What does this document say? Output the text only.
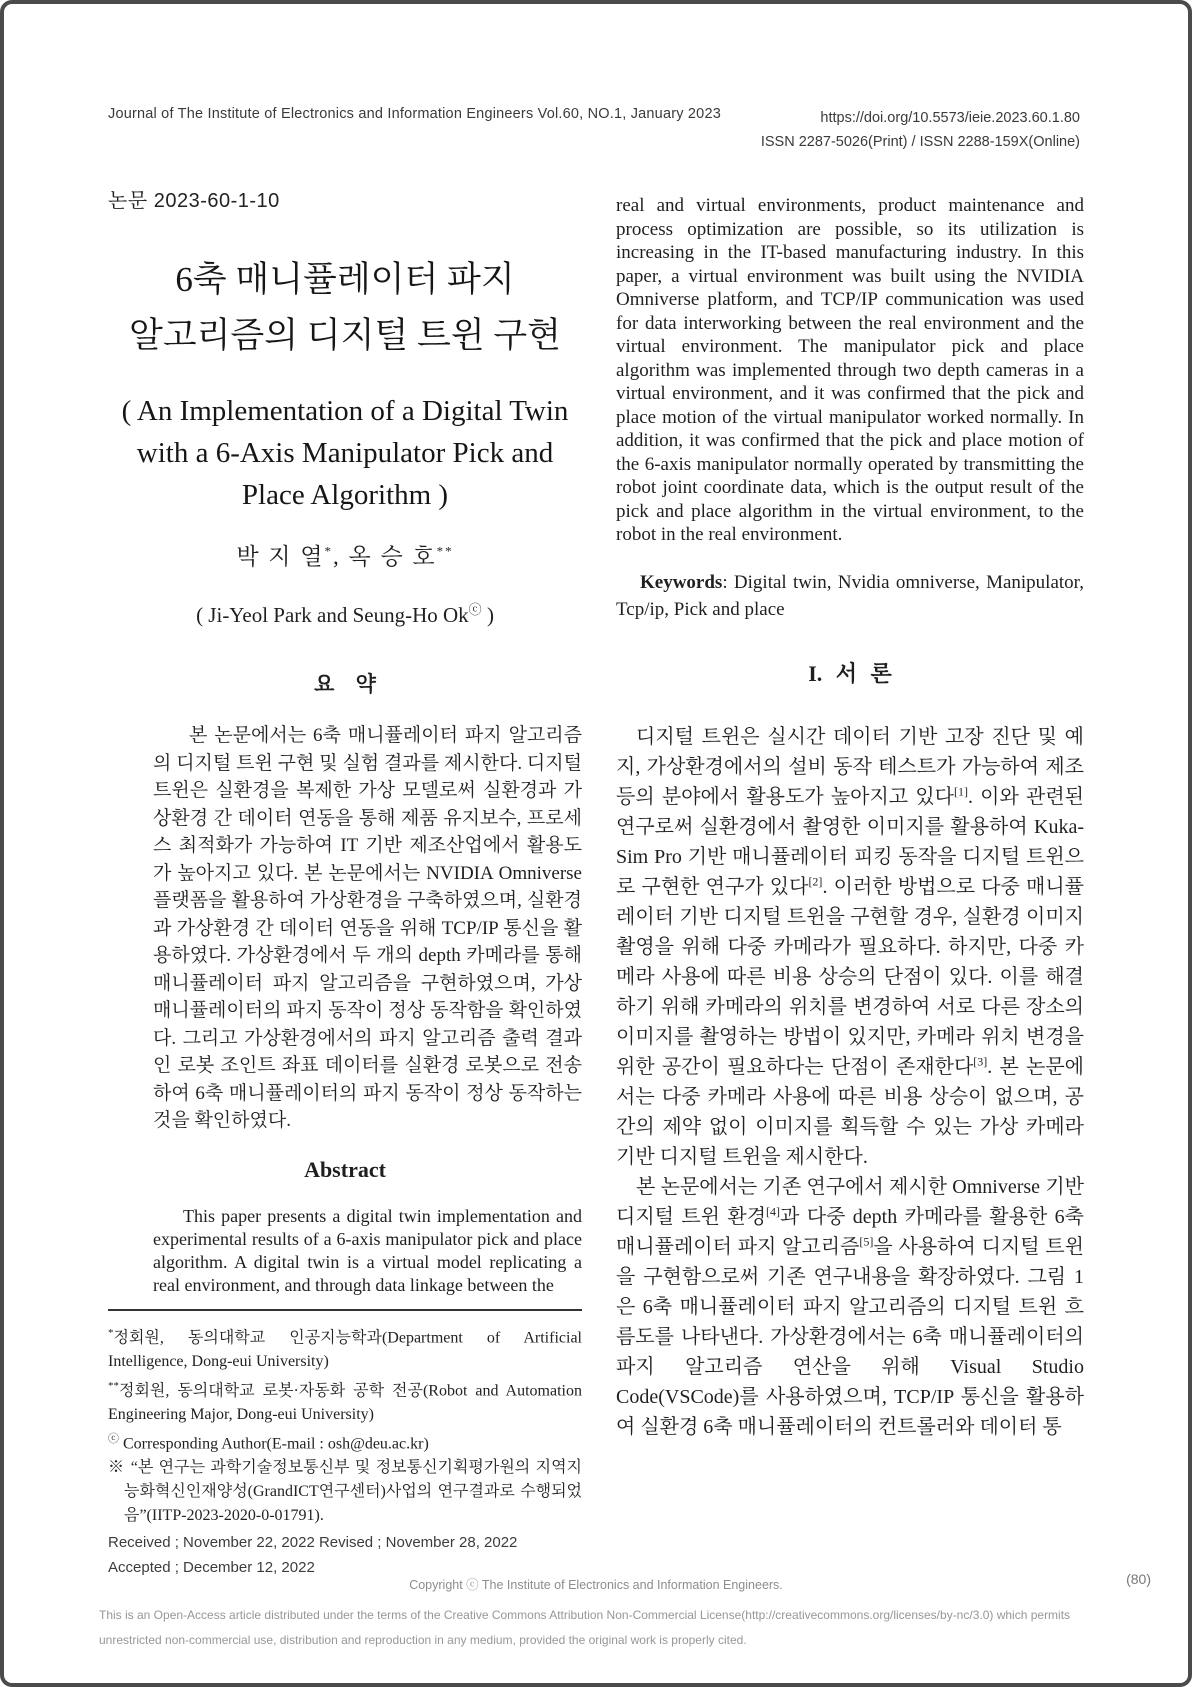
Journal of The Institute of Electronics and Information Engineers Vol.60, NO.1, January 2023	https://doi.org/10.5573/ieie.2023.60.1.80
ISSN 2287-5026(Print) / ISSN 2288-159X(Online)
논문 2023-60-1-10
6축 매니퓰레이터 파지
알고리즘의 디지털 트윈 구현
( An Implementation of a Digital Twin with a 6-Axis Manipulator Pick and Place Algorithm )
박 지 열*, 옥 승 호**
( Ji-Yeol Park and Seung-Ho Okⓒ )
요 약

본 논문에서는 6축 매니퓰레이터 파지 알고리즘의 디지털 트윈 구현 및 실험 결과를 제시한다. 디지털 트윈은 실환경을 복제한 가상 모델로써 실환경과 가상환경 간 데이터 연동을 통해 제품 유지보수, 프로세스 최적화가 가능하여 IT 기반 제조산업에서 활용도가 높아지고 있다. 본 논문에서는 NVIDIA Omniverse 플랫폼을 활용하여 가상환경을 구축하였으며, 실환경과 가상환경 간 데이터 연동을 위해 TCP/IP 통신을 활용하였다. 가상환경에서 두 개의 depth 카메라를 통해 매니퓰레이터 파지 알고리즘을 구현하였으며, 가상 매니퓰레이터의 파지 동작이 정상 동작함을 확인하였다. 그리고 가상환경에서의 파지 알고리즘 출력 결과인 로봇 조인트 좌표 데이터를 실환경 로봇으로 전송하여 6축 매니퓰레이터의 파지 동작이 정상 동작하는 것을 확인하였다.

Abstract

This paper presents a digital twin implementation and experimental results of a 6-axis manipulator pick and place algorithm. A digital twin is a virtual model replicating a real environment, and through data linkage between the

*정회원, 동의대학교 인공지능학과(Department of Artificial Intelligence, Dong-eui University)

**정회원, 동의대학교 로봇·자동화 공학 전공(Robot and Automation Engineering Major, Dong-eui University)

ⓒ Corresponding Author(E-mail : osh@deu.ac.kr)

※ “본 연구는 과학기술정보통신부 및 정보통신기획평가원의 지역지능화혁신인재양성(GrandICT연구센터)사업의 연구결과로 수행되었음”(IITP-2023-2020-0-01791).

Received ; November 22, 2022 Revised ; November 28, 2022

Accepted ; December 12, 2022

real and virtual environments, product maintenance and process optimization are possible, so its utilization is increasing in the IT-based manufacturing industry. In this paper, a virtual environment was built using the NVIDIA Omniverse platform, and TCP/IP communication was used for data interworking between the real environment and the virtual environment. The manipulator pick and place algorithm was implemented through two depth cameras in a virtual environment, and it was confirmed that the pick and place motion of the virtual manipulator worked normally. In addition, it was confirmed that the pick and place motion of the 6-axis manipulator normally operated by transmitting the robot joint coordinate data, which is the output result of the pick and place algorithm in the virtual environment, to the robot in the real environment.

Keywords: Digital twin, Nvidia omniverse, Manipulator, Tcp/ip, Pick and place

I. 서 론

디지털 트윈은 실시간 데이터 기반 고장 진단 및 예지, 가상환경에서의 설비 동작 테스트가 가능하여 제조 등의 분야에서 활용도가 높아지고 있다[1]. 이와 관련된 연구로써 실환경에서 촬영한 이미지를 활용하여 Kuka-Sim Pro 기반 매니퓰레이터 피킹 동작을 디지털 트윈으로 구현한 연구가 있다[2]. 이러한 방법으로 다중 매니퓰레이터 기반 디지털 트윈을 구현할 경우, 실환경 이미지 촬영을 위해 다중 카메라가 필요하다. 하지만, 다중 카메라 사용에 따른 비용 상승의 단점이 있다. 이를 해결하기 위해 카메라의 위치를 변경하여 서로 다른 장소의 이미지를 촬영하는 방법이 있지만, 카메라 위치 변경을 위한 공간이 필요하다는 단점이 존재한다[3]. 본 논문에서는 다중 카메라 사용에 따른 비용 상승이 없으며, 공간의 제약 없이 이미지를 획득할 수 있는 가상 카메라 기반 디지털 트윈을 제시한다.

본 논문에서는 기존 연구에서 제시한 Omniverse 기반 디지털 트윈 환경[4]과 다중 depth 카메라를 활용한 6축 매니퓰레이터 파지 알고리즘[5]을 사용하여 디지털 트윈을 구현함으로써 기존 연구내용을 확장하였다. 그림 1은 6축 매니퓰레이터 파지 알고리즘의 디지털 트윈 흐름도를 나타낸다. 가상환경에서는 6축 매니퓰레이터의 파지 알고리즘 연산을 위해 Visual Studio Code(VSCode)를 사용하였으며, TCP/IP 통신을 활용하여 실환경 6축 매니퓰레이터의 컨트롤러와 데이터 통

Copyright ⓒ The Institute of Electronics and Information Engineers.	(80)

This is an Open-Access article distributed under the terms of the Creative Commons Attribution Non-Commercial License(http://creativecommons.org/licenses/by-nc/3.0) which permits

unrestricted non-commercial use, distribution and reproduction in any medium, provided the original work is properly cited.
